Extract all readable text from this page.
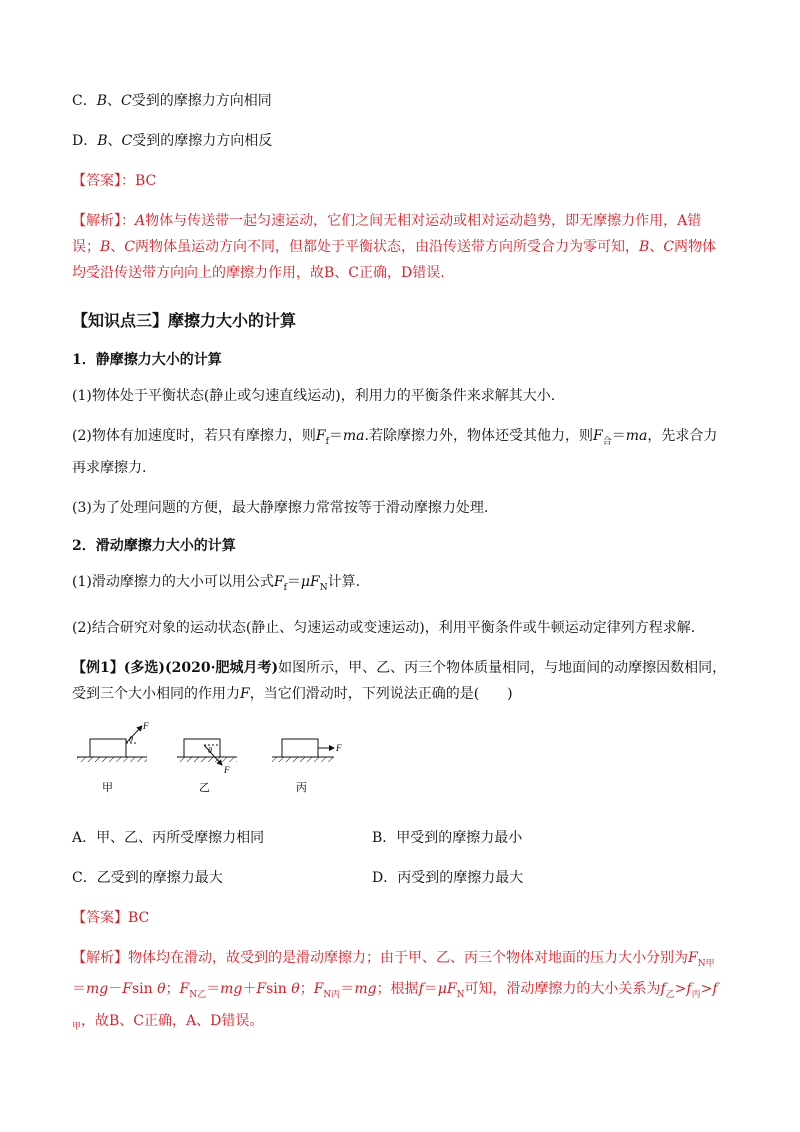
C．B、C受到的摩擦力方向相同

D．B、C受到的摩擦力方向相反

【答案】：BC

【解析】：A物体与传送带一起匀速运动，它们之间无相对运动或相对运动趋势，即无摩擦力作用，A错误；B、C两物体虽运动方向不同，但都处于平衡状态，由沿传送带方向所受合力为零可知，B、C两物体均受沿传送带方向向上的摩擦力作用，故B、C正确，D错误.

【知识点三】摩擦力大小的计算
1．静摩擦力大小的计算

(1)物体处于平衡状态(静止或匀速直线运动)，利用力的平衡条件来求解其大小.

(2)物体有加速度时，若只有摩擦力，则$F_f=ma$.若除摩擦力外，物体还受其他力，则$F_合=ma$，先求合力再求摩擦力.

(3)为了处理问题的方便，最大静摩擦力常常按等于滑动摩擦力处理.

2．滑动摩擦力大小的计算

(1)滑动摩擦力的大小可以用公式$F_f=\mu F_N$计算.

(2)结合研究对象的运动状态(静止、匀速运动或变速运动)，利用平衡条件或牛顿运动定律列方程求解.

【例1】(多选)(2020·肥城月考)如图所示，甲、乙、丙三个物体质量相同，与地面间的动摩擦因数相同，受到三个大小相同的作用力F，当它们滑动时，下列说法正确的是(　　)

F
θ
甲
F
θ
乙
F
丙
A．甲、乙、丙所受摩擦力相同	B．甲受到的摩擦力最小
C．乙受到的摩擦力最大	D．丙受到的摩擦力最大

【答案】BC

【解析】物体均在滑动，故受到的是滑动摩擦力；由于甲、乙、丙三个物体对地面的压力大小分别为$F_{N甲}=mg-Fsin$ θ；$F_{N乙}=mg+Fsin$ θ；$F_{N丙}=mg$；根据$f=\mu F_N$可知，滑动摩擦力的大小关系为$f_乙>f_丙>f_甲$，故B、C正确，A、D错误。
